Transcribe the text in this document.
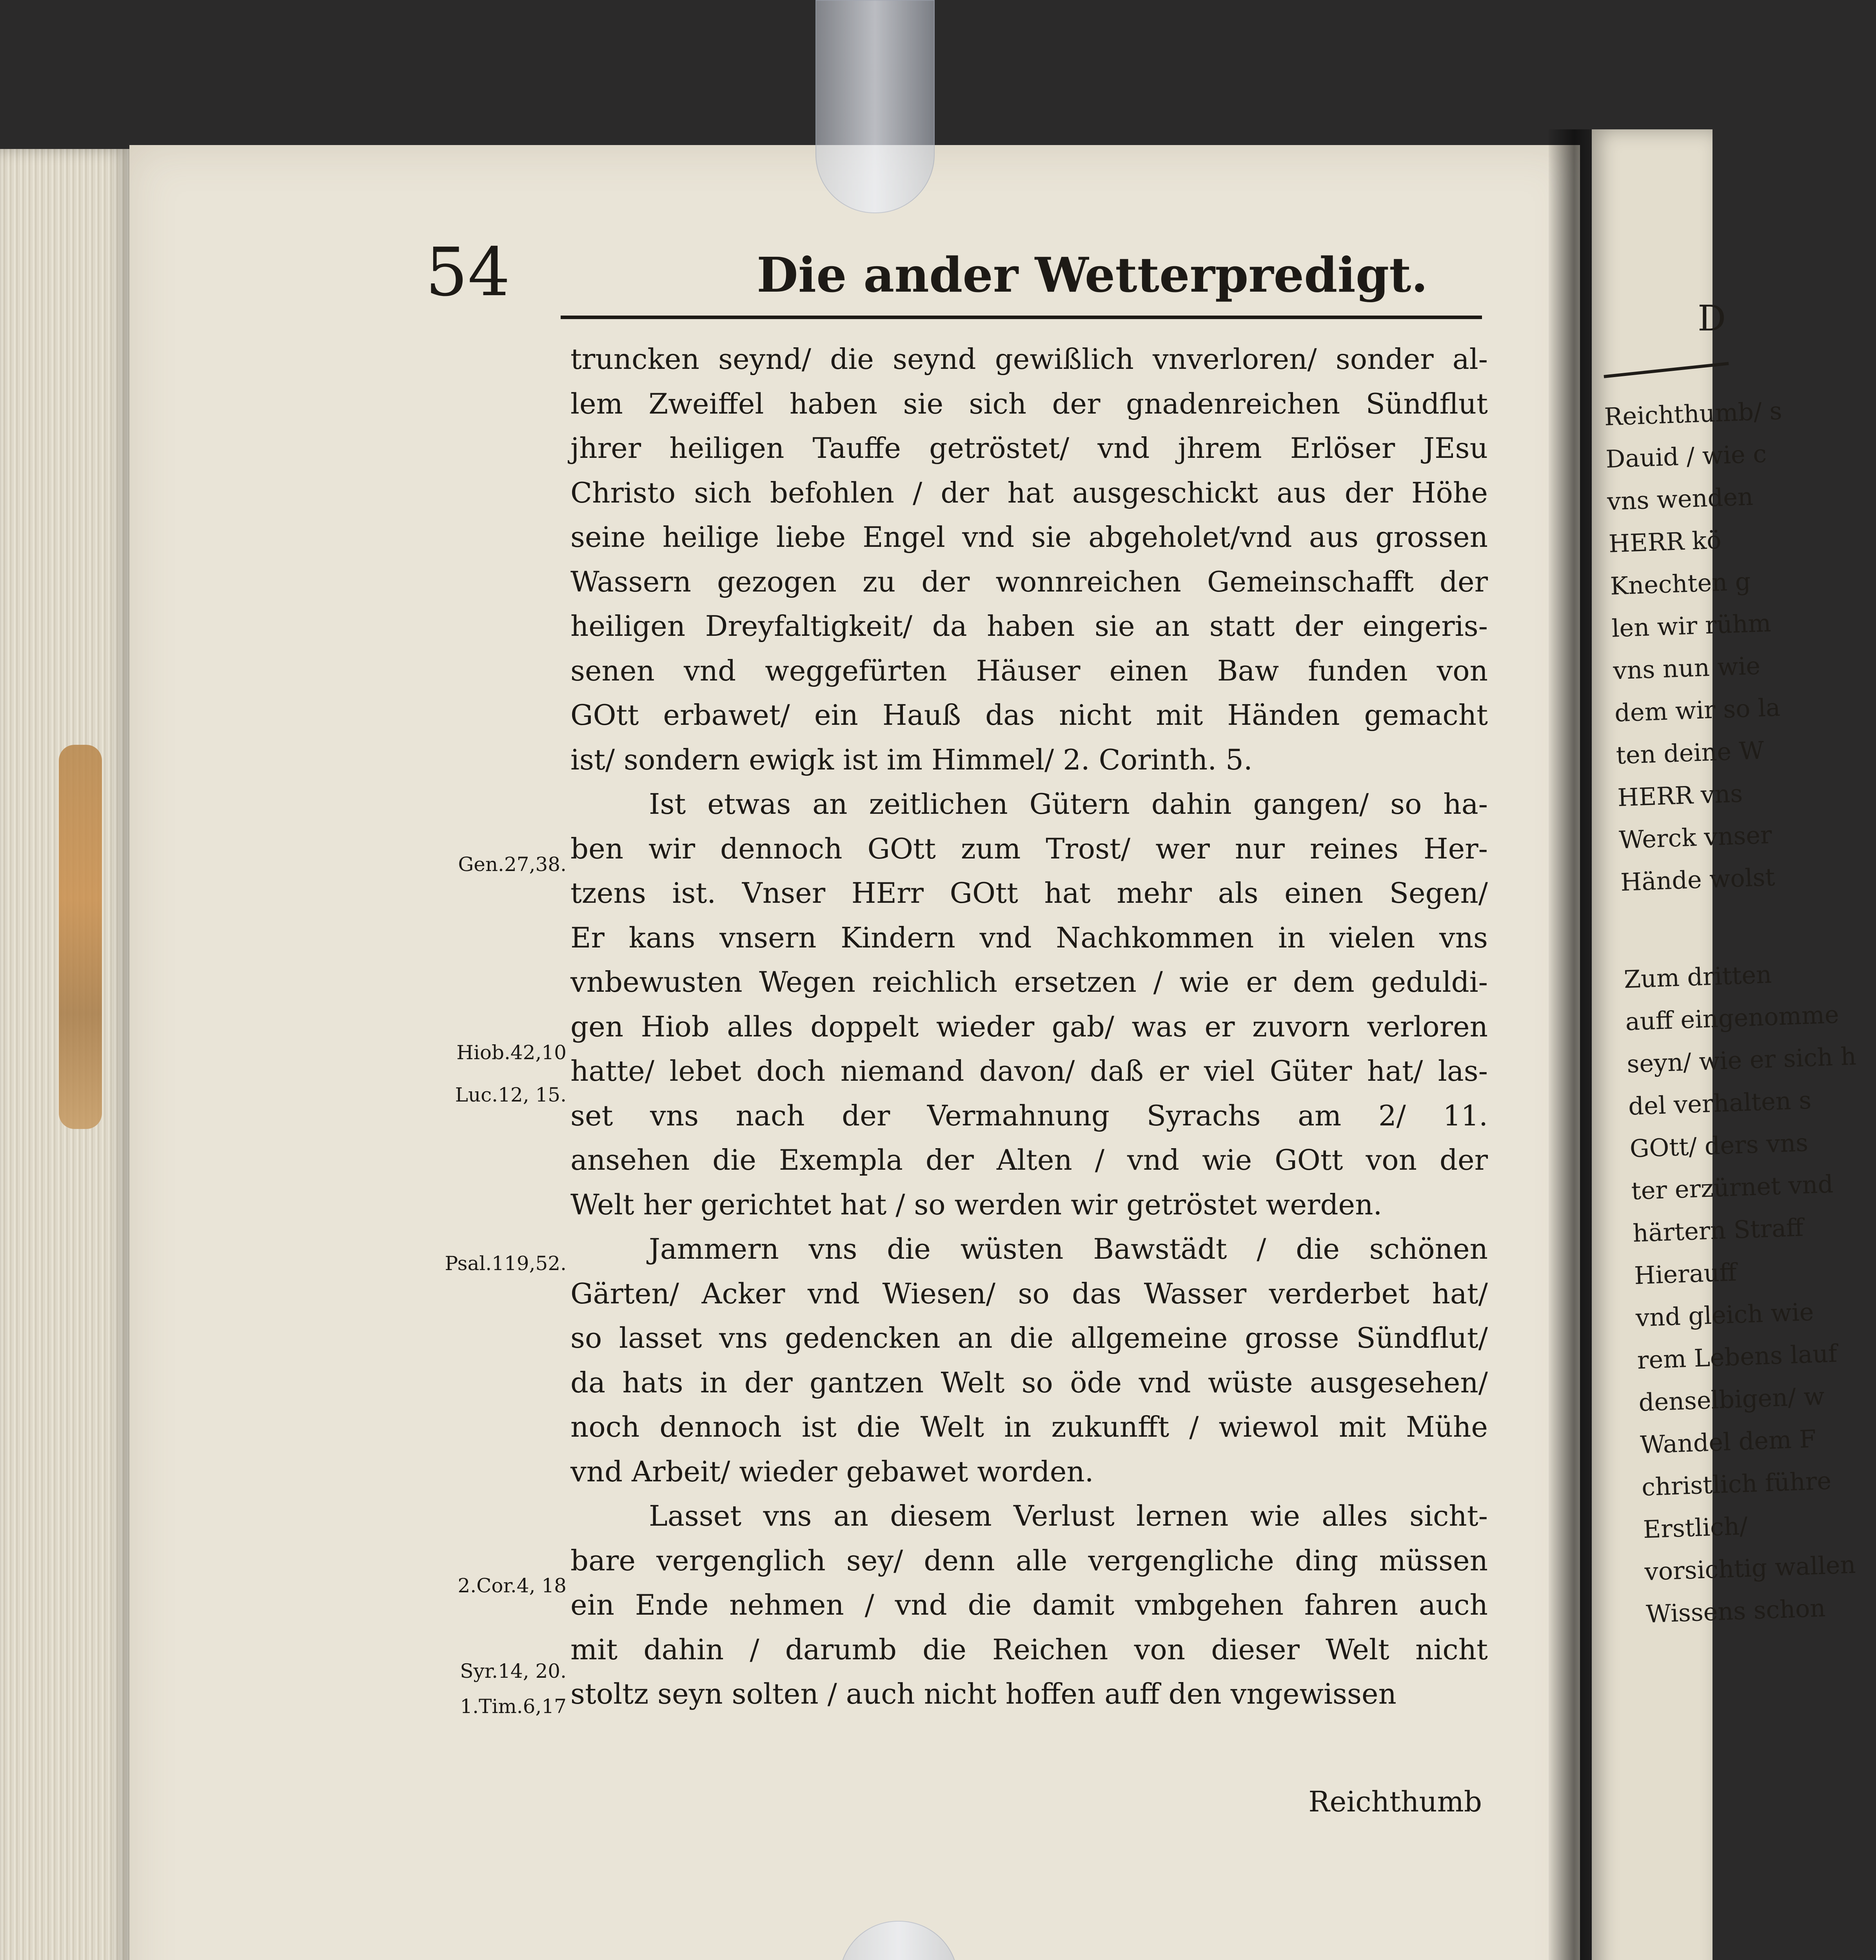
D
Reichthumb/ s
Dauid / wie c
vns wenden
HERR kö
Knechten g
len wir rühm
vns nun wie
dem wir so la
ten deine W
HERR vns
Werck vnser
Hände wolst
Zum dritten
auff eingenomme
seyn/ wie er sich h
del verhalten s
GOtt/ ders vns
ter erzürnet vnd
härtern Straff
Hierauff
vnd gleich wie
rem Lebens lauf
denselbigen/ w
Wandel dem F
christlich führe
Erstlich/
vorsichtig wallen
Wissens schon
54	Die ander Wetterpredigt.
truncken seynd/ die seynd gewißlich vnverloren/ sonder al-
lem Zweiffel haben sie sich der gnadenreichen Sündflut
jhrer heiligen Tauffe getröstet/ vnd jhrem Erlöser JEsu
Christo sich befohlen / der hat ausgeschickt aus der Höhe
seine heilige liebe Engel vnd sie abgeholet/vnd aus grossen
Wassern gezogen zu der wonnreichen Gemeinschafft der
heiligen Dreyfaltigkeit/ da haben sie an statt der eingeris-
senen vnd weggefürten Häuser einen Baw funden von
GOtt erbawet/ ein Hauß das nicht mit Händen gemacht
ist/ sondern ewigk ist im Himmel/ 2. Corinth. 5.
Ist etwas an zeitlichen Gütern dahin gangen/ so ha-
ben wir dennoch GOtt zum Trost/ wer nur reines Her-
tzens ist. Vnser HErr GOtt hat mehr als einen Segen/
Er kans vnsern Kindern vnd Nachkommen in vielen vns
vnbewusten Wegen reichlich ersetzen / wie er dem geduldi-
gen Hiob alles doppelt wieder gab/ was er zuvorn verloren
hatte/ lebet doch niemand davon/ daß er viel Güter hat/ las-
set vns nach der Vermahnung Syrachs am 2/ 11.
ansehen die Exempla der Alten / vnd wie GOtt von der
Welt her gerichtet hat / so werden wir getröstet werden.
Jammern vns die wüsten Bawstädt / die schönen
Gärten/ Acker vnd Wiesen/ so das Wasser verderbet hat/
so lasset vns gedencken an die allgemeine grosse Sündflut/
da hats in der gantzen Welt so öde vnd wüste ausgesehen/
noch dennoch ist die Welt in zukunfft / wiewol mit Mühe
vnd Arbeit/ wieder gebawet worden.
Lasset vns an diesem Verlust lernen wie alles sicht-
bare vergenglich sey/ denn alle vergengliche ding müssen
ein Ende nehmen / vnd die damit vmbgehen fahren auch
mit dahin / darumb die Reichen von dieser Welt nicht
stoltz seyn solten / auch nicht hoffen auff den vngewissen
Gen.27,38.
Hiob.42,10
Luc.12, 15.
Psal.119,52.
2.Cor.4, 18
Syr.14, 20.
1.Tim.6,17
Reichthumb
